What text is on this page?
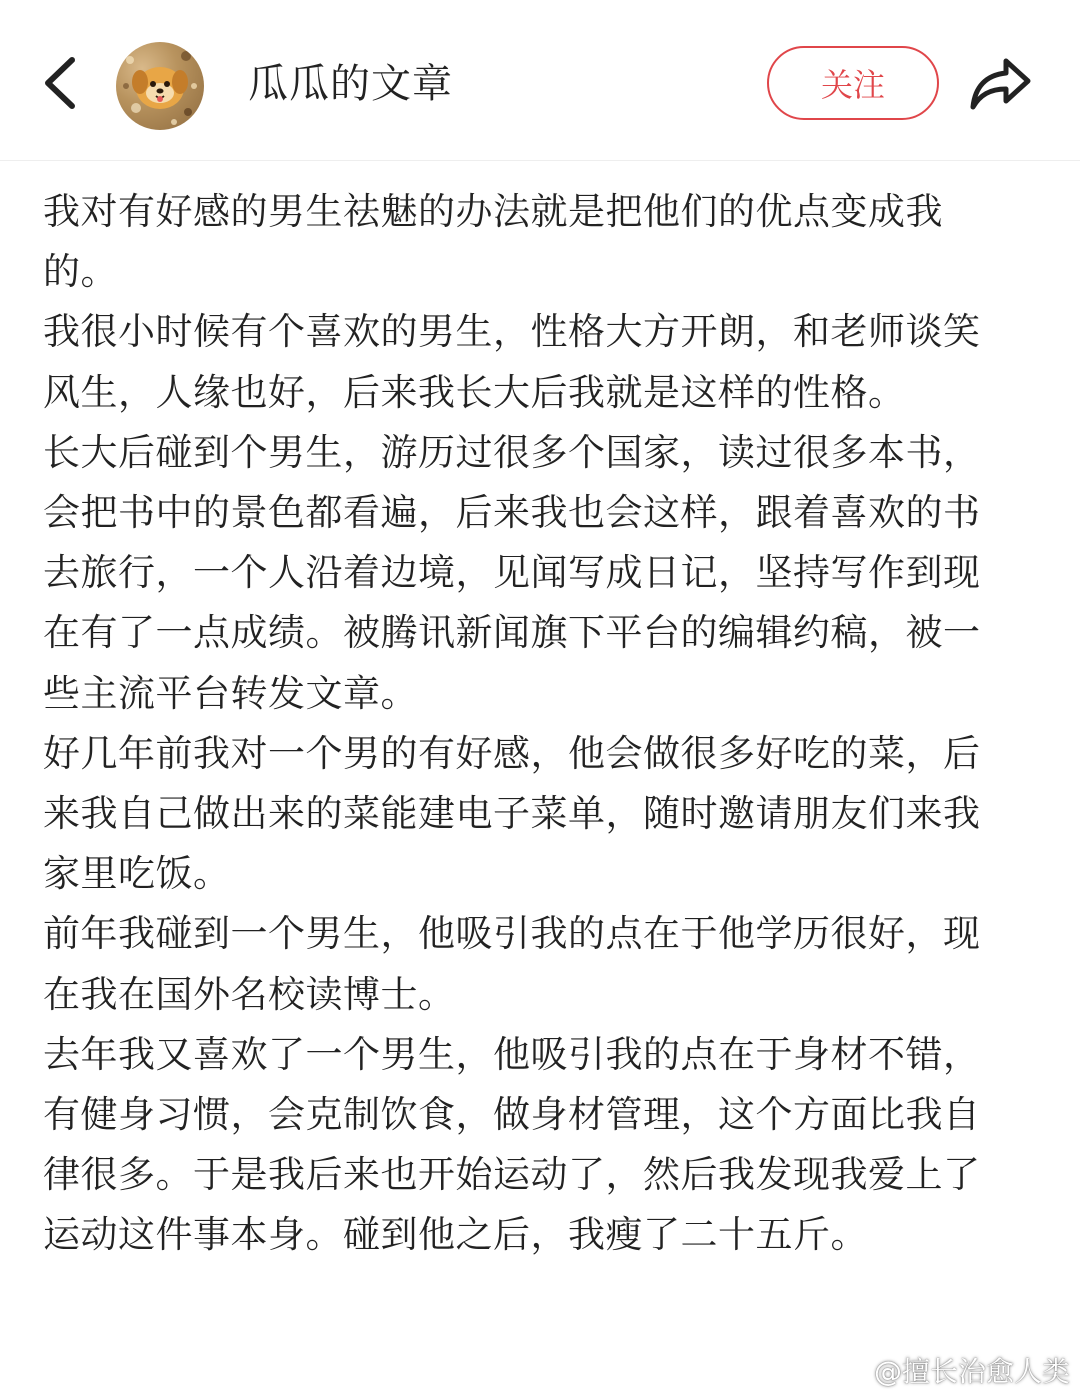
瓜瓜的文章	关注

我对有好感的男生祛魅的办法就是把他们的优点变成我的。

我很小时候有个喜欢的男生，性格大方开朗，和老师谈笑风生，人缘也好，后来我长大后我就是这样的性格。

长大后碰到个男生，游历过很多个国家，读过很多本书，会把书中的景色都看遍，后来我也会这样，跟着喜欢的书去旅行，一个人沿着边境，见闻写成日记，坚持写作到现在有了一点成绩。被腾讯新闻旗下平台的编辑约稿，被一些主流平台转发文章。

好几年前我对一个男的有好感，他会做很多好吃的菜，后来我自己做出来的菜能建电子菜单，随时邀请朋友们来我家里吃饭。

前年我碰到一个男生，他吸引我的点在于他学历很好，现在我在国外名校读博士。

去年我又喜欢了一个男生，他吸引我的点在于身材不错，有健身习惯，会克制饮食，做身材管理，这个方面比我自律很多。于是我后来也开始运动了，然后我发现我爱上了运动这件事本身。碰到他之后，我瘦了二十五斤。

@擅长治愈人类
